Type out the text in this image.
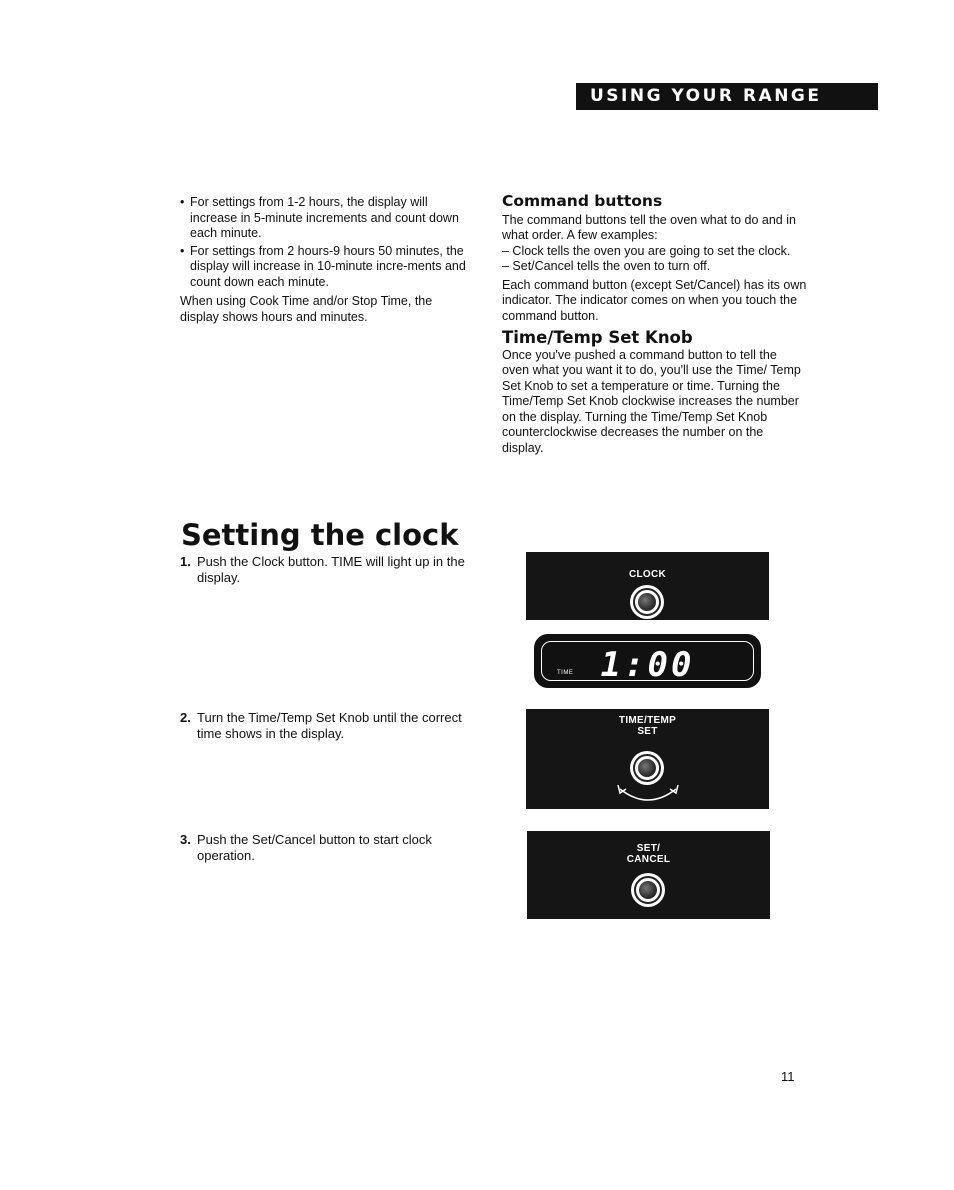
USING YOUR RANGE
• For settings from 1-2 hours, the display will increase in 5-minute increments and count down each minute.
• For settings from 2 hours-9 hours 50 minutes, the display will increase in 10-minute incre-ments and count down each minute.

When using Cook Time and/or Stop Time, the display shows hours and minutes.

Command buttons

The command buttons tell the oven what to do and in what order. A few examples:

– Clock tells the oven you are going to set the clock.

– Set/Cancel tells the oven to turn off.

Each command button (except Set/Cancel) has its own indicator. The indicator comes on when you touch the command button.

Time/Temp Set Knob

Once you've pushed a command button to tell the oven what you want it to do, you'll use the Time/ Temp Set Knob to set a temperature or time. Turning the Time/Temp Set Knob clockwise increases the number on the display. Turning the Time/Temp Set Knob counterclockwise decreases the number on the display.

Setting the clock
1. Push the Clock button. TIME will light up in the display.
2. Turn the Time/Temp Set Knob until the correct time shows in the display.
3. Push the Set/Cancel button to start clock operation.
CLOCK
1:00
TIME
TIME/TEMP
SET
SET/
CANCEL
11
